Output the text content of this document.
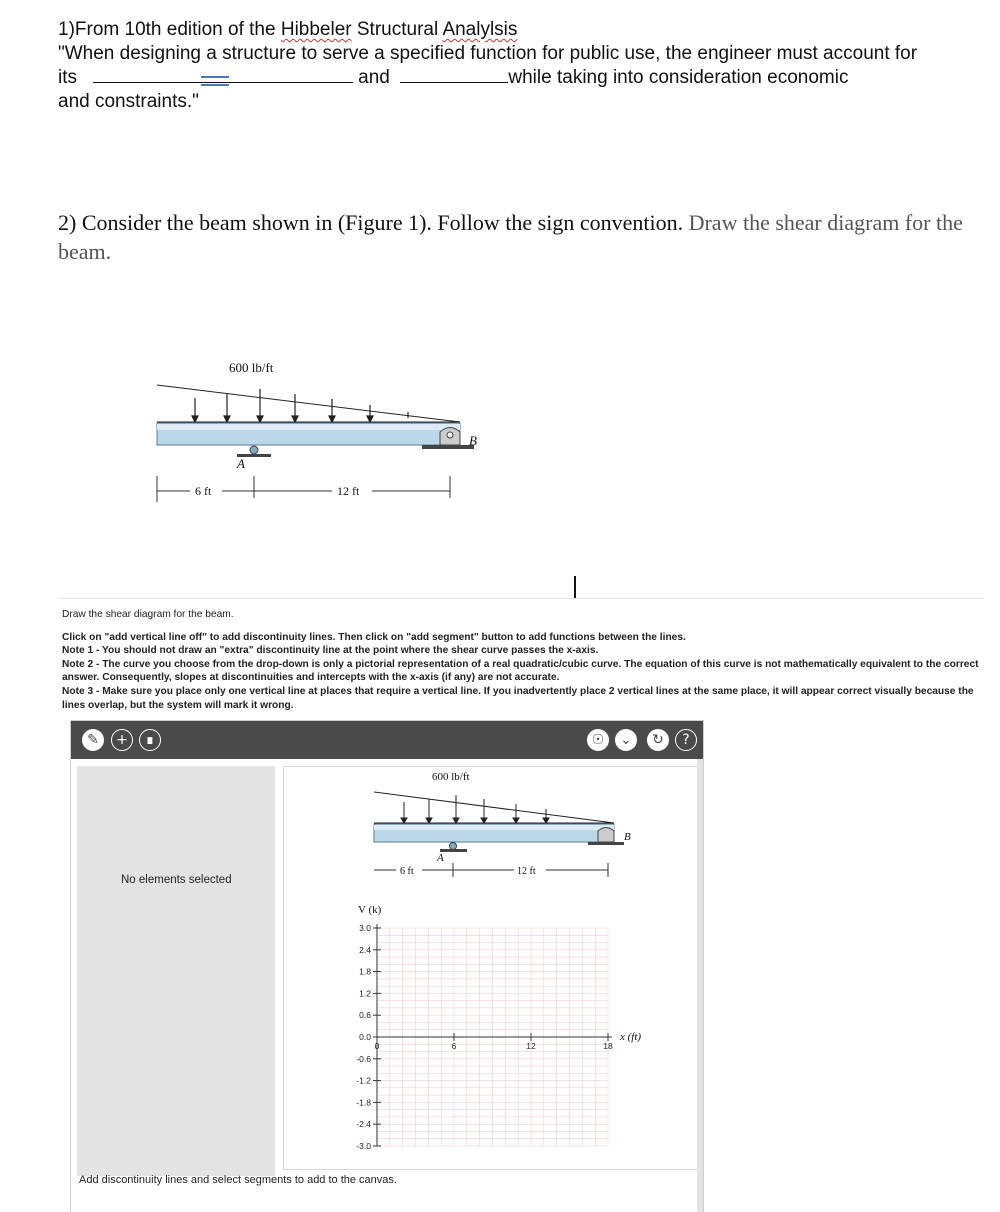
1)From 10th edition of the Hibbeler Structural Analylsis
"When designing a structure to serve a specified function for public use, the engineer must account for
its	and	while taking into consideration economic
and constraints."
2) Consider the beam shown in (Figure 1). Follow the sign convention. Draw the shear diagram for the beam.
600 lb/ft
A
B
6 ft	12 ft
Draw the shear diagram for the beam.
Click on "add vertical line off" to add discontinuity lines. Then click on "add segment" button to add functions between the lines.
Note 1 - You should not draw an "extra" discontinuity line at the point where the shear curve passes the x-axis.
Note 2 - The curve you choose from the drop-down is only a pictorial representation of a real quadratic/cubic curve. The equation of this curve is not mathematically equivalent to the correct answer. Consequently, slopes at discontinuities and intercepts with the x-axis (if any) are not accurate.
Note 3 - Make sure you place only one vertical line at places that require a vertical line. If you inadvertently place 2 vertical lines at the same place, it will appear correct visually because the lines overlap, but the system will mark it wrong.
✎	+	∎	☉	⌄	↻	?
No elements selected
600 lb/ft
A
B
6 ft	12 ft
V (k)
x (ft)
3.0
2.4
1.8
1.2
0.6
0.0
-0.6
-1.2
-1.8
-2.4
-3.0
0	6	12	18
Add discontinuity lines and select segments to add to the canvas.
